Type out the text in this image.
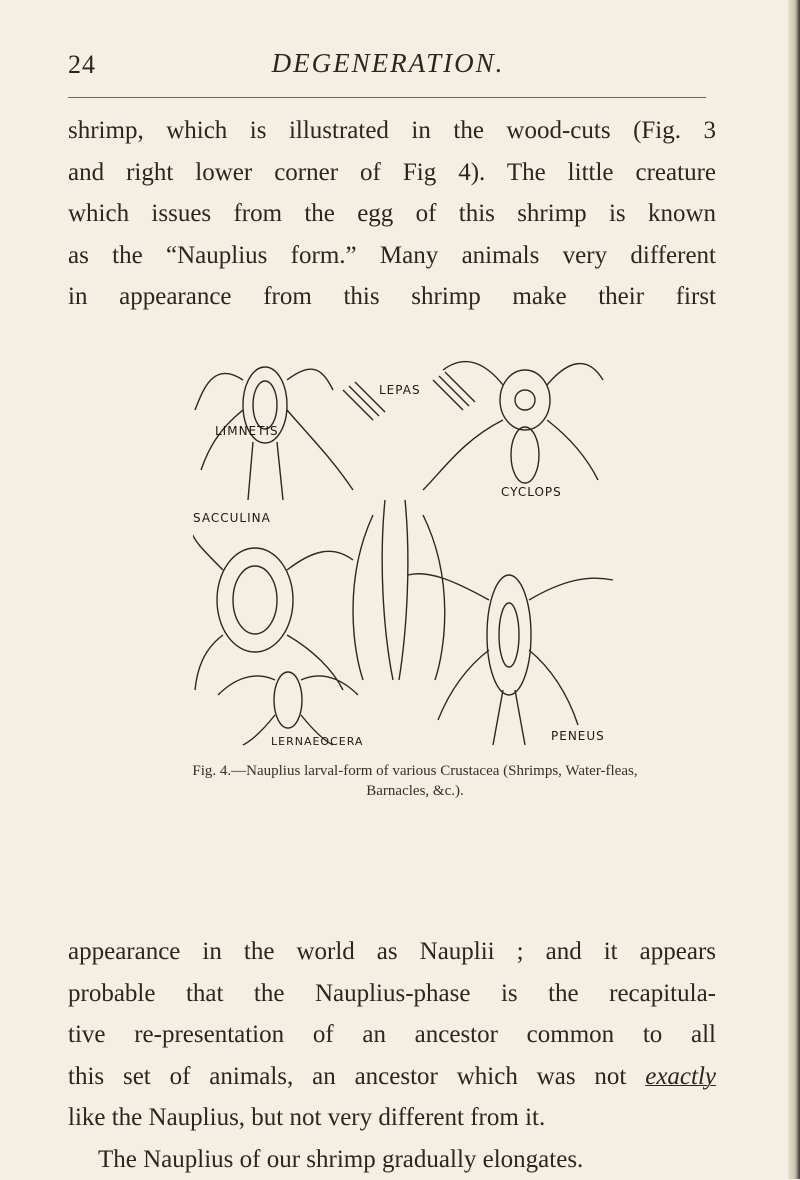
24	DEGENERATION.
shrimp, which is illustrated in the wood-cuts (Fig. 3
and right lower corner of Fig 4). The little creature
which issues from the egg of this shrimp is known
as the “Nauplius form.” Many animals very different
in appearance from this shrimp make their first
LEPAS
LIMNETIS
CYCLOPS
SACCULINA
PENEUS
LERNAEOCERA
Fig. 4.—Nauplius larval-form of various Crustacea (Shrimps, Water-fleas,
Barnacles, &c.).
appearance in the world as Nauplii ; and it appears
probable that the Nauplius-phase is the recapitula-
tive re-presentation of an ancestor common to all
this set of animals, an ancestor which was not exactly
like the Nauplius, but not very different from it.
The Nauplius of our shrimp gradually elongates.
